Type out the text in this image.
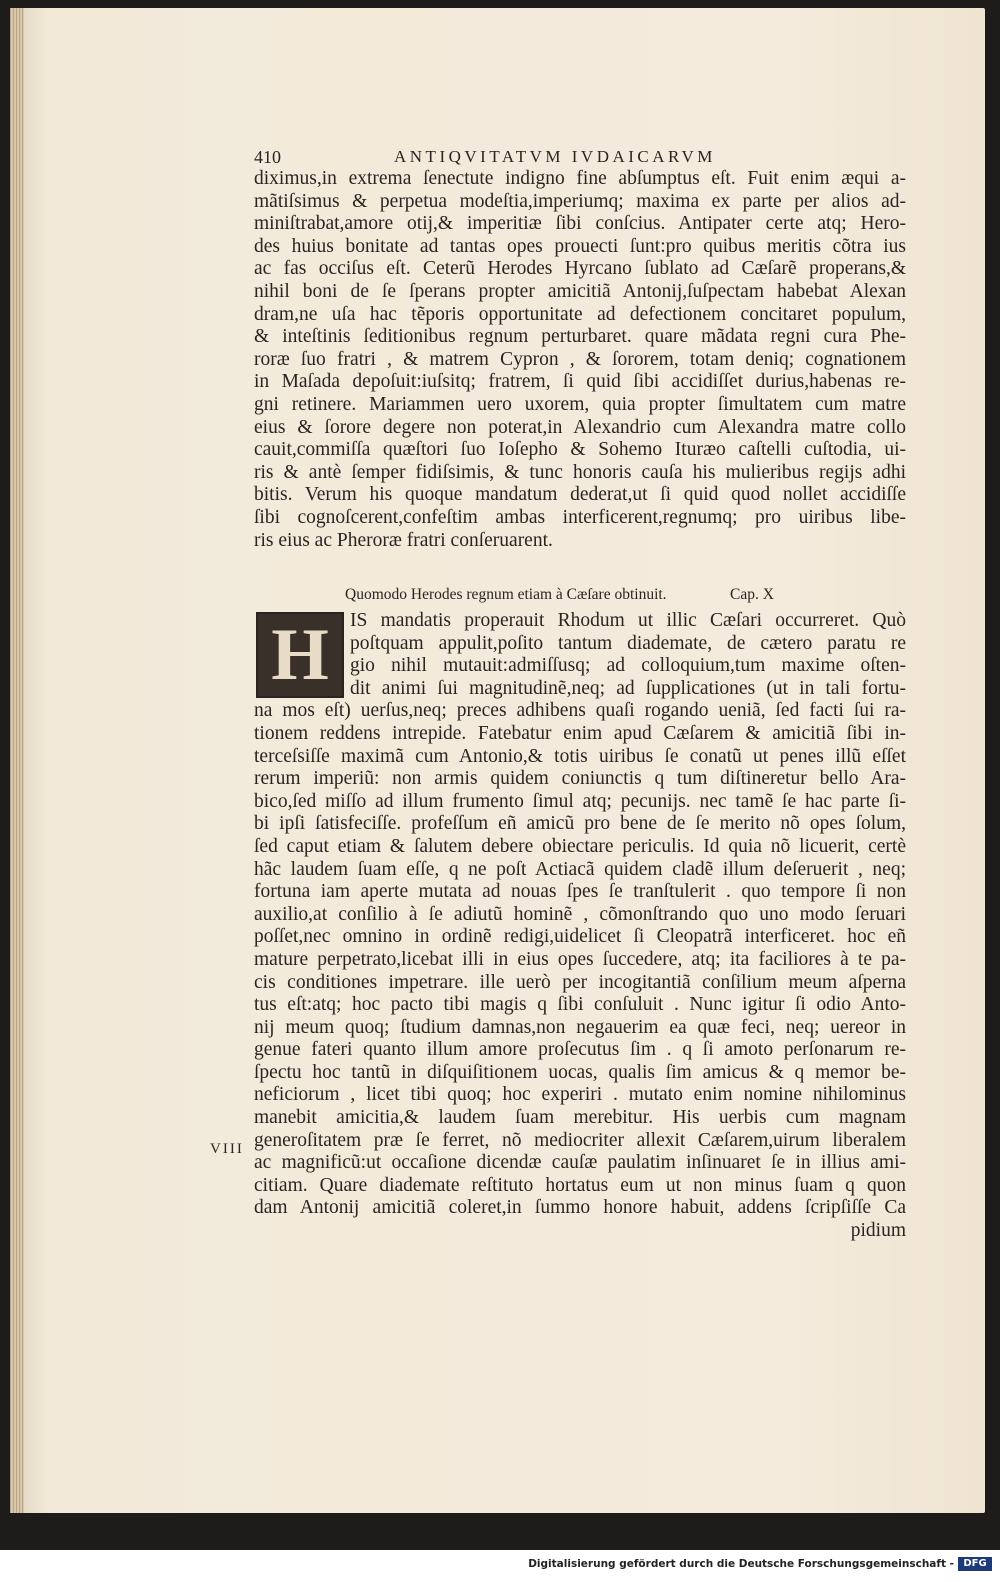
410	ANTIQVITATVM IVDAICARVM
diximus,in extrema ſenectute indigno fine abſumptus eſt. Fuit enim æqui a-
mãtiſsimus & perpetua modeſtia,imperiumq; maxima ex parte per alios ad-
miniſtrabat,amore otij,& imperitiæ ſibi conſcius. Antipater certe atq; Hero-
des huius bonitate ad tantas opes prouecti ſunt:pro quibus meritis cõtra ius
ac fas occiſus eſt. Ceterũ Herodes Hyrcano ſublato ad Cæſarẽ properans,&
nihil boni de ſe ſperans propter amicitiã Antonij,ſuſpectam habebat Alexan
dram,ne uſa hac tẽporis opportunitate ad defectionem concitaret populum,
& inteſtinis ſeditionibus regnum perturbaret. quare mãdata regni cura Phe-
roræ ſuo fratri , & matrem Cypron , & ſororem, totam deniq; cognationem
in Maſada depoſuit:iuſsitq; fratrem, ſi quid ſibi accidiſſet durius,habenas re-
gni retinere. Mariammen uero uxorem, quia propter ſimultatem cum matre
eius & ſorore degere non poterat,in Alexandrio cum Alexandra matre collo
cauit,commiſſa quæſtori ſuo Ioſepho & Sohemo Ituræo caſtelli cuſtodia, ui-
ris & antè ſemper fidiſsimis, & tunc honoris cauſa his mulieribus regijs adhi
bitis. Verum his quoque mandatum dederat,ut ſi quid quod nollet accidiſſe
ſibi cognoſcerent,confeſtim ambas interficerent,regnumq; pro uiribus libe-
ris eius ac Pheroræ fratri conſeruarent.
Quomodo Herodes regnum etiam à Cæſare obtinuit.	Cap. X
H	IS mandatis properauit Rhodum ut illic Cæſari occurreret. Quò
poſtquam appulit,poſito tantum diademate, de cætero paratu re
gio nihil mutauit:admiſſusq; ad colloquium,tum maxime oſten-
dit animi ſui magnitudinẽ,neq; ad ſupplicationes (ut in tali fortu-
na mos eſt) uerſus,neq; preces adhibens quaſi rogando ueniã, ſed facti ſui ra-
tionem reddens intrepide. Fatebatur enim apud Cæſarem & amicitiã ſibi in-
terceſsiſſe maximã cum Antonio,& totis uiribus ſe conatũ ut penes illũ eſſet
rerum imperiũ: non armis quidem coniunctis q tum diſtineretur bello Ara-
bico,ſed miſſo ad illum frumento ſimul atq; pecunijs. nec tamẽ ſe hac parte ſi-
bi ipſi ſatisfeciſſe. profeſſum eñ amicũ pro bene de ſe merito nõ opes ſolum,
ſed caput etiam & ſalutem debere obiectare periculis. Id quia nõ licuerit, certè
hãc laudem ſuam eſſe, q ne poſt Actiacã quidem cladẽ illum deſeruerit , neq;
fortuna iam aperte mutata ad nouas ſpes ſe tranſtulerit . quo tempore ſi non
auxilio,at conſilio à ſe adiutũ hominẽ , cõmonſtrando quo uno modo ſeruari
poſſet,nec omnino in ordinẽ redigi,uidelicet ſi Cleopatrã interficeret. hoc eñ
mature perpetrato,licebat illi in eius opes ſuccedere, atq; ita faciliores à te pa-
cis conditiones impetrare. ille uerò per incogitantiã conſilium meum aſperna
tus eſt:atq; hoc pacto tibi magis q ſibi conſuluit . Nunc igitur ſi odio Anto-
nij meum quoq; ſtudium damnas,non negauerim ea quæ feci, neq; uereor in
genue fateri quanto illum amore proſecutus ſim . q ſi amoto perſonarum re-
ſpectu hoc tantũ in diſquiſitionem uocas, qualis ſim amicus & q memor be-
neficiorum , licet tibi quoq; hoc experiri . mutato enim nomine nihilominus
manebit amicitia,& laudem ſuam merebitur. His uerbis cum magnam
generoſitatem præ ſe ferret, nõ mediocriter allexit Cæſarem,uirum liberalem
ac magnificũ:ut occaſione dicendæ cauſæ paulatim inſinuaret ſe in illius ami-
citiam. Quare diademate reſtituto hortatus eum ut non minus ſuam q quon
dam Antonij amicitiã coleret,in ſummo honore habuit, addens ſcripſiſſe Ca
pidium
VIII
Digitalisierung gefördert durch die Deutsche Forschungsgemeinschaft - DFG
